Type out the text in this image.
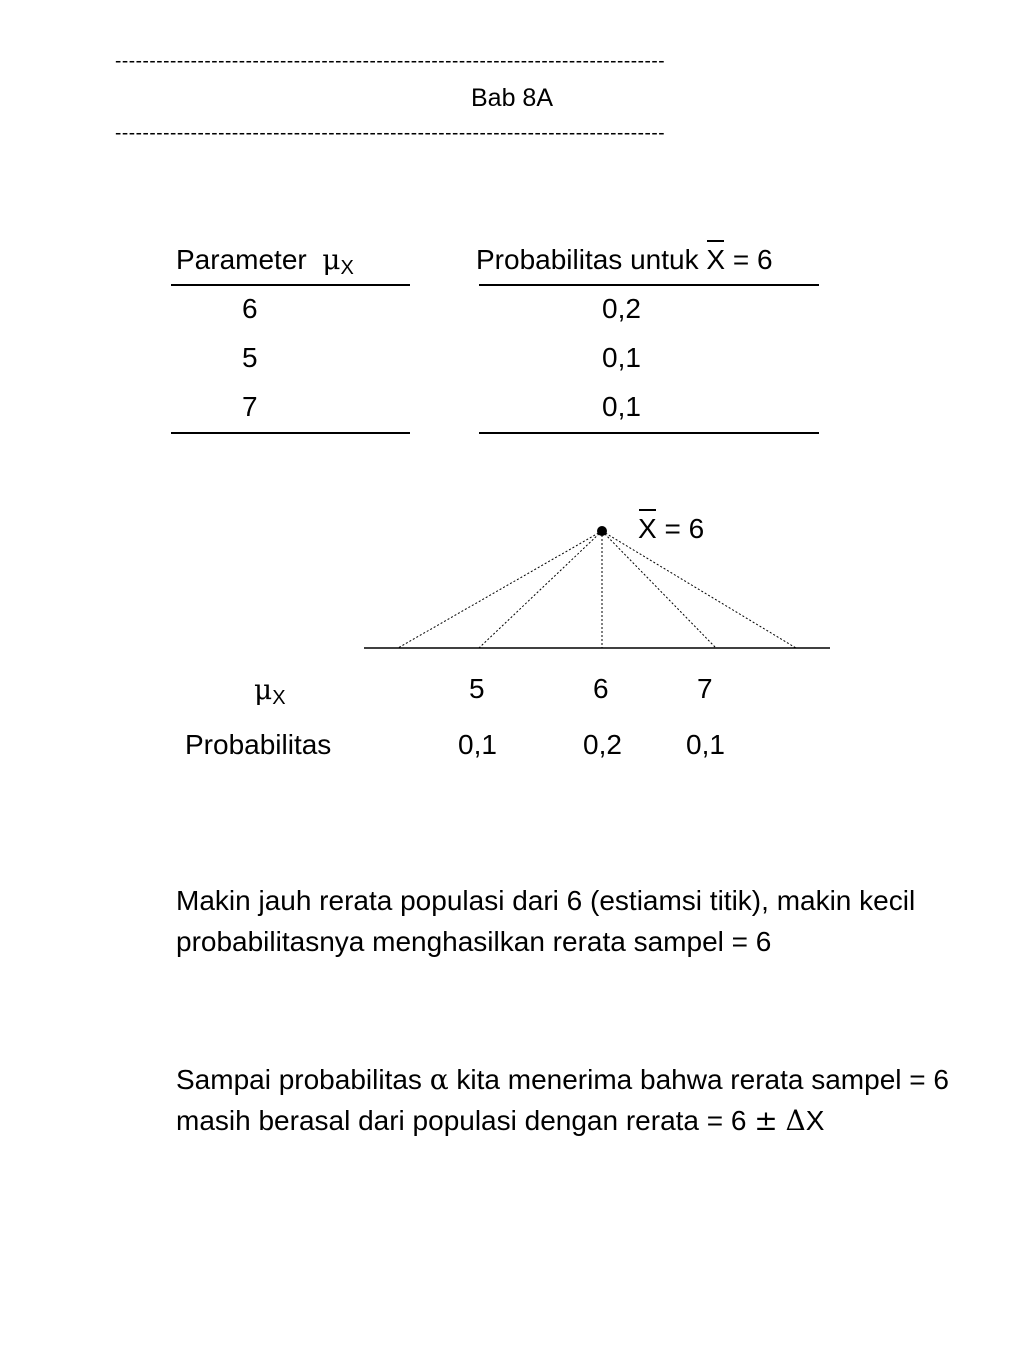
--------------------------------------------------------------------------------
Bab 8A
--------------------------------------------------------------------------------
Parameter μX	Probabilitas untuk X = 6
6	0,2
5	0,1
7	0,1
X = 6
μX	5	6	7
Probabilitas	0,1	0,2 0,1
Makin jauh rerata populasi dari 6 (estiamsi titik), makin kecil probabilitasnya menghasilkan rerata sampel = 6
Sampai probabilitas α kita menerima bahwa rerata sampel = 6 masih berasal dari populasi dengan rerata = 6 ± ΔX
